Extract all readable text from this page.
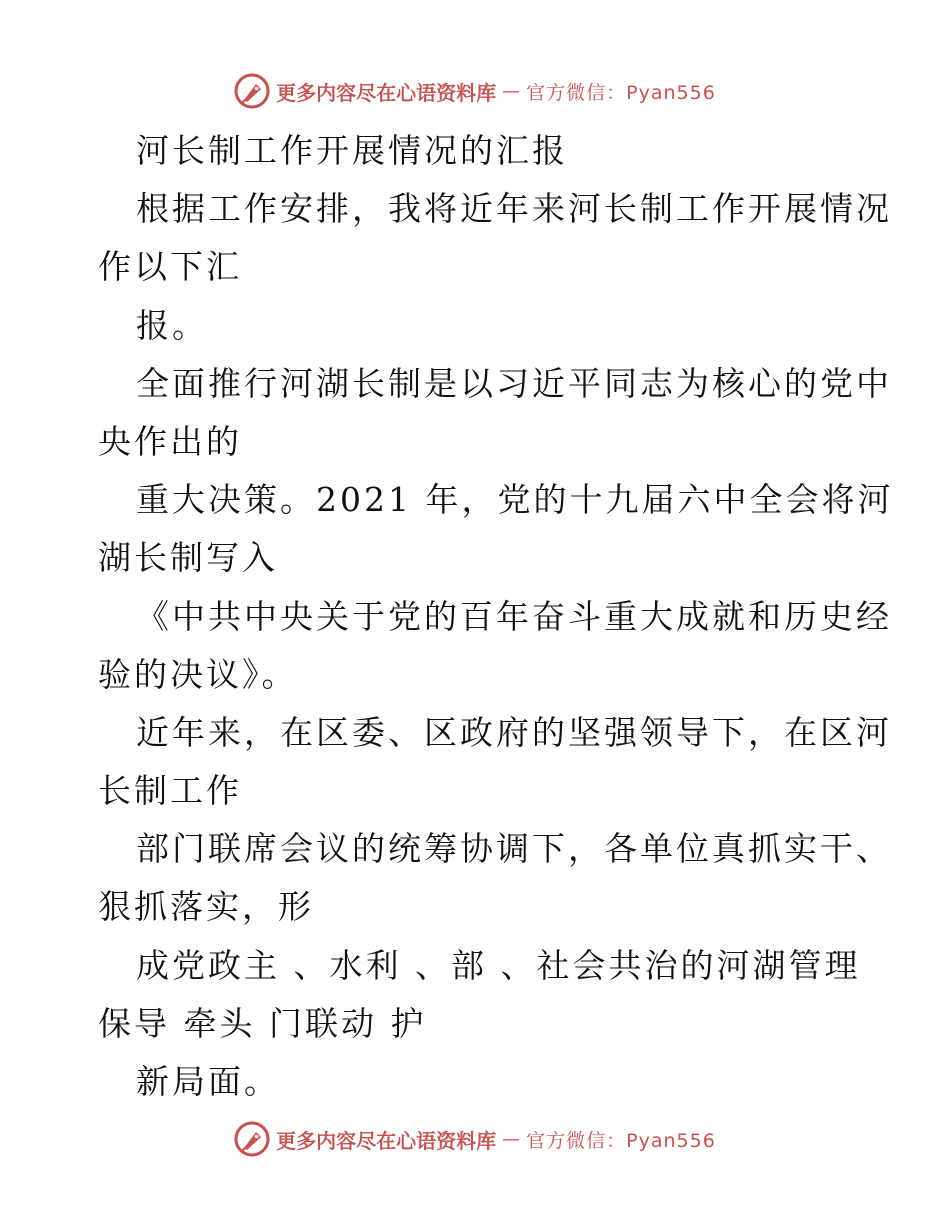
更多内容尽在心语资料库 — 官方微信：Pyan556
河长制工作开展情况的汇报
根据工作安排，我将近年来河长制工作开展情况
作以下汇
报。
全面推行河湖长制是以习近平同志为核心的党中
央作出的
重大决策。2021 年，党的十九届六中全会将河
湖长制写入
《中共中央关于党的百年奋斗重大成就和历史经
验的决议》。
近年来，在区委、区政府的坚强领导下，在区河
长制工作
部门联席会议的统筹协调下，各单位真抓实干、
狠抓落实，形
成党政主 、水利 、部 、社会共治的河湖管理
保导 牵头 门联动 护
新局面。
更多内容尽在心语资料库 — 官方微信：Pyan556
